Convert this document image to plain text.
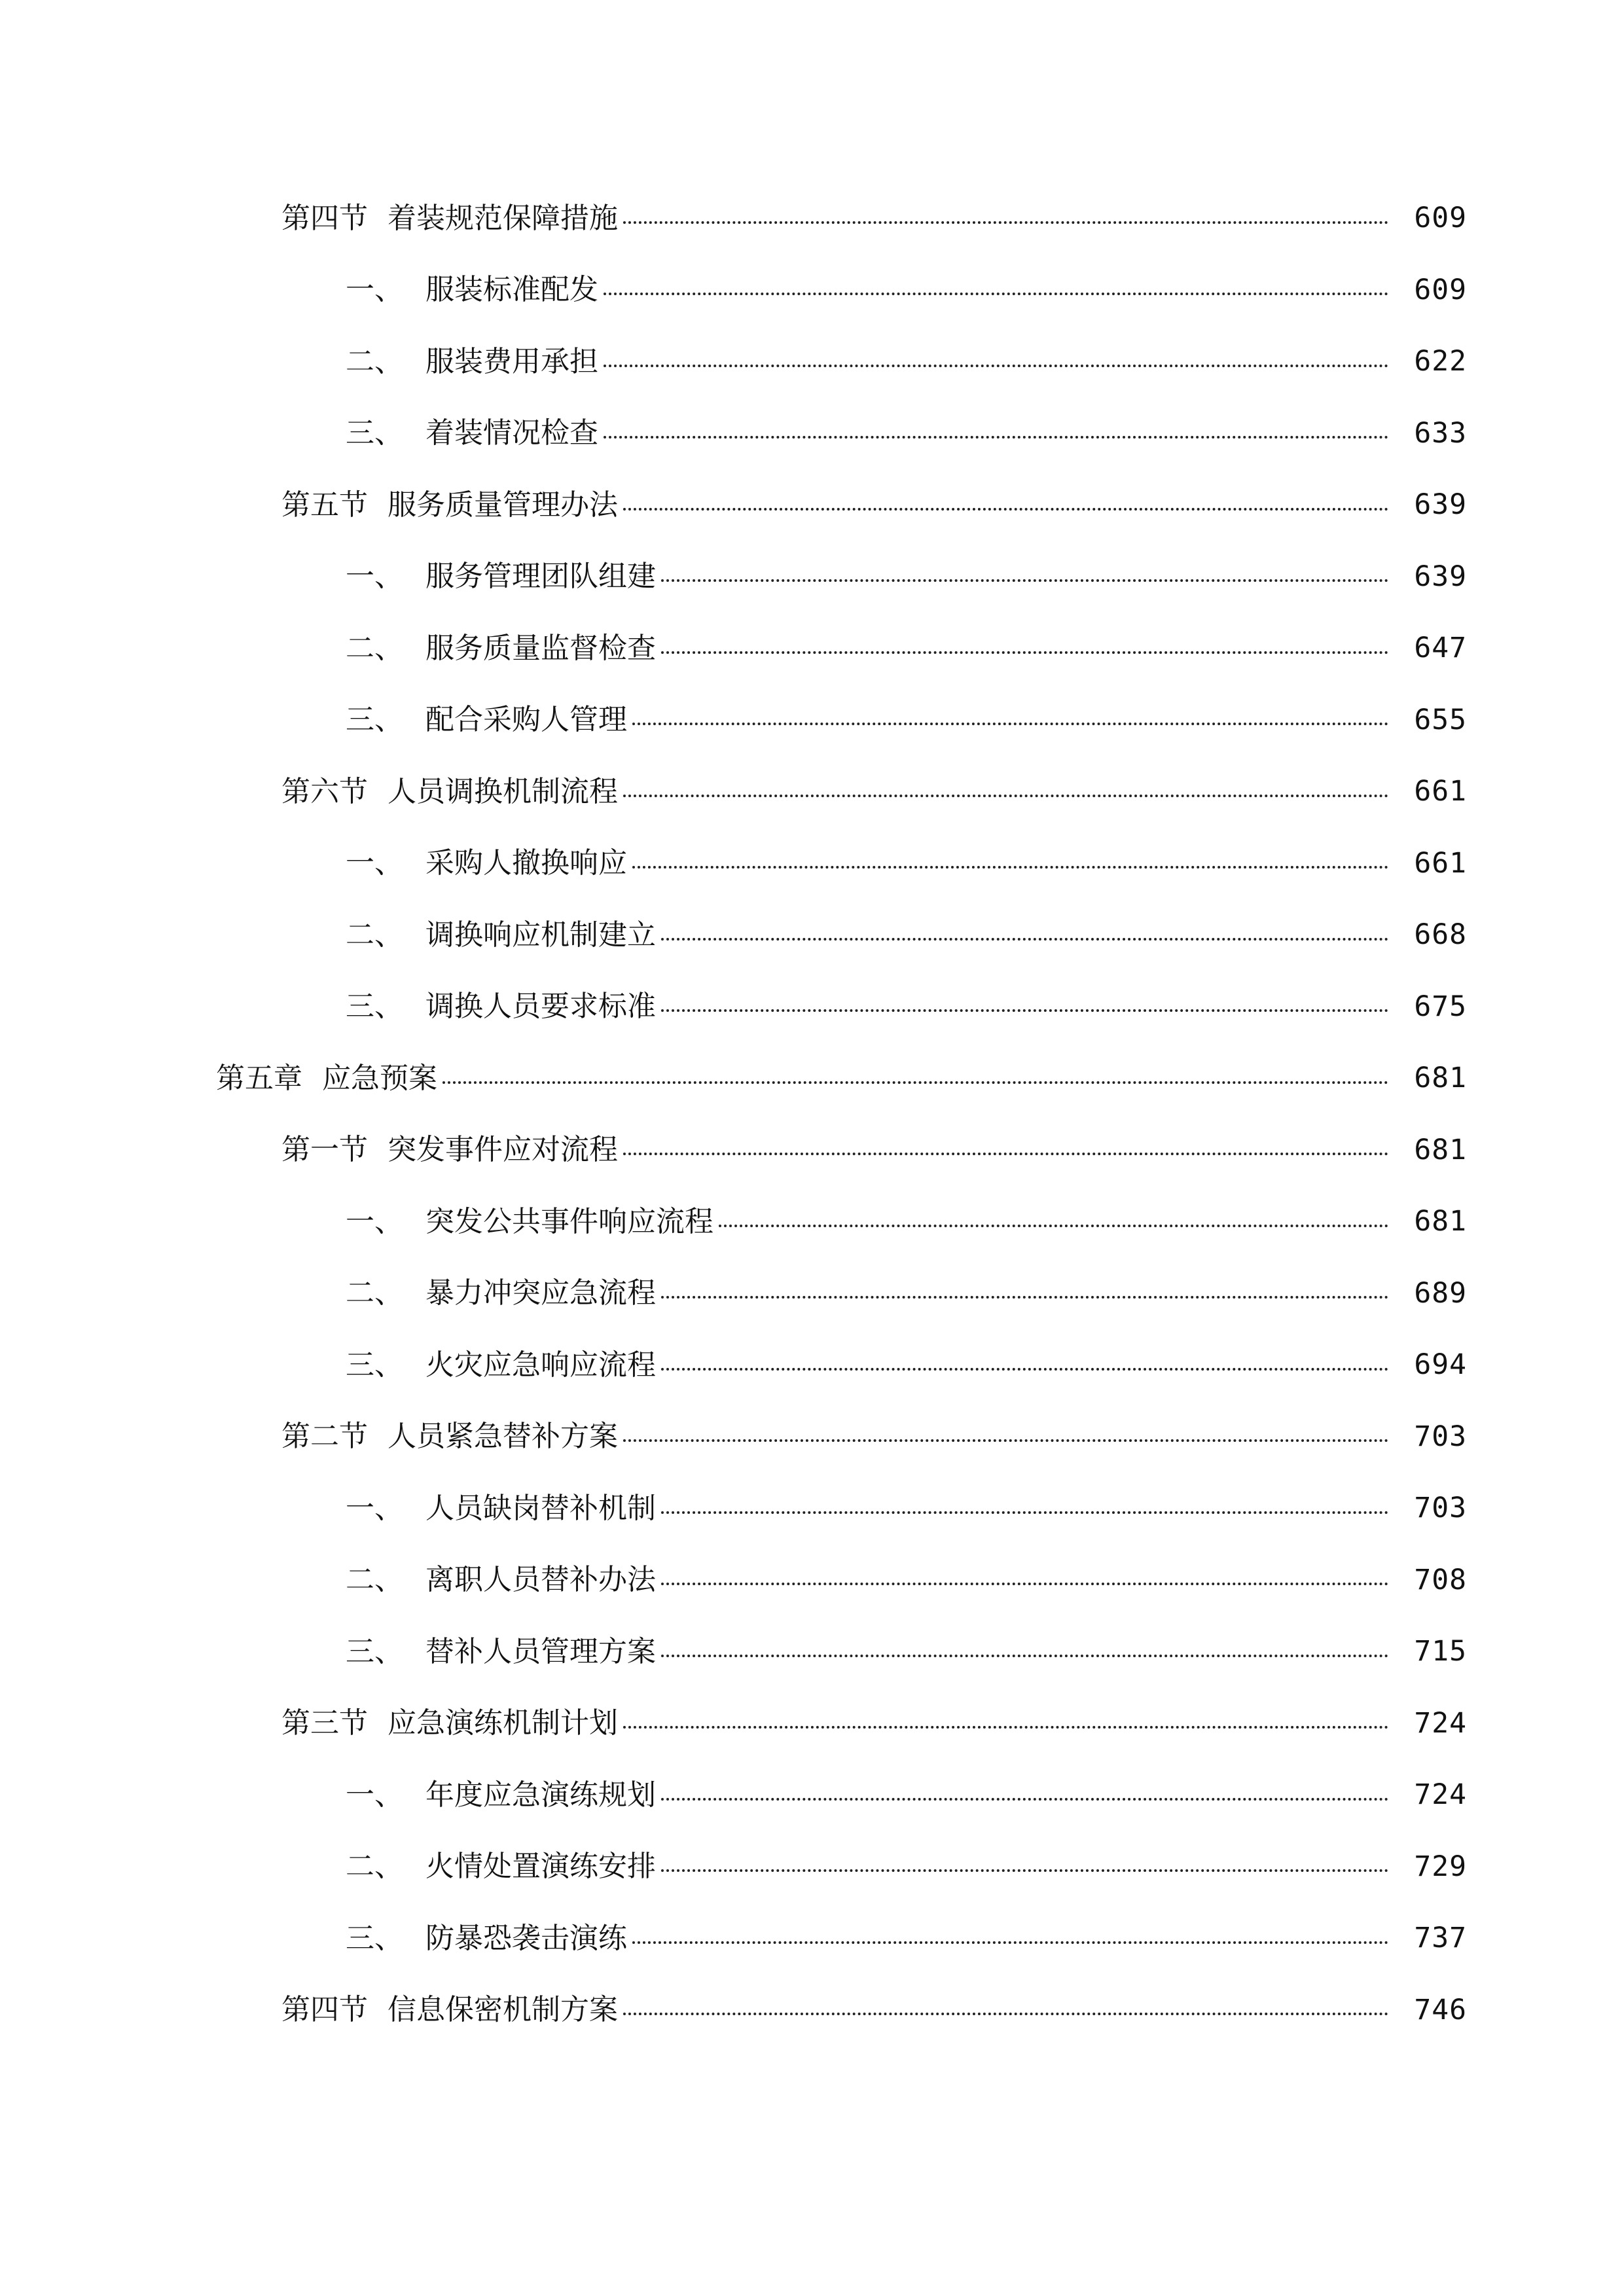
第四节 着装规范保障措施	609
一、 服装标准配发	609
二、 服装费用承担	622
三、 着装情况检查	633
第五节 服务质量管理办法	639
一、 服务管理团队组建	639
二、 服务质量监督检查	647
三、 配合采购人管理	655
第六节 人员调换机制流程	661
一、 采购人撤换响应	661
二、 调换响应机制建立	668
三、 调换人员要求标准	675
第五章 应急预案	681
第一节 突发事件应对流程	681
一、 突发公共事件响应流程	681
二、 暴力冲突应急流程	689
三、 火灾应急响应流程	694
第二节 人员紧急替补方案	703
一、 人员缺岗替补机制	703
二、 离职人员替补办法	708
三、 替补人员管理方案	715
第三节 应急演练机制计划	724
一、 年度应急演练规划	724
二、 火情处置演练安排	729
三、 防暴恐袭击演练	737
第四节 信息保密机制方案	746
